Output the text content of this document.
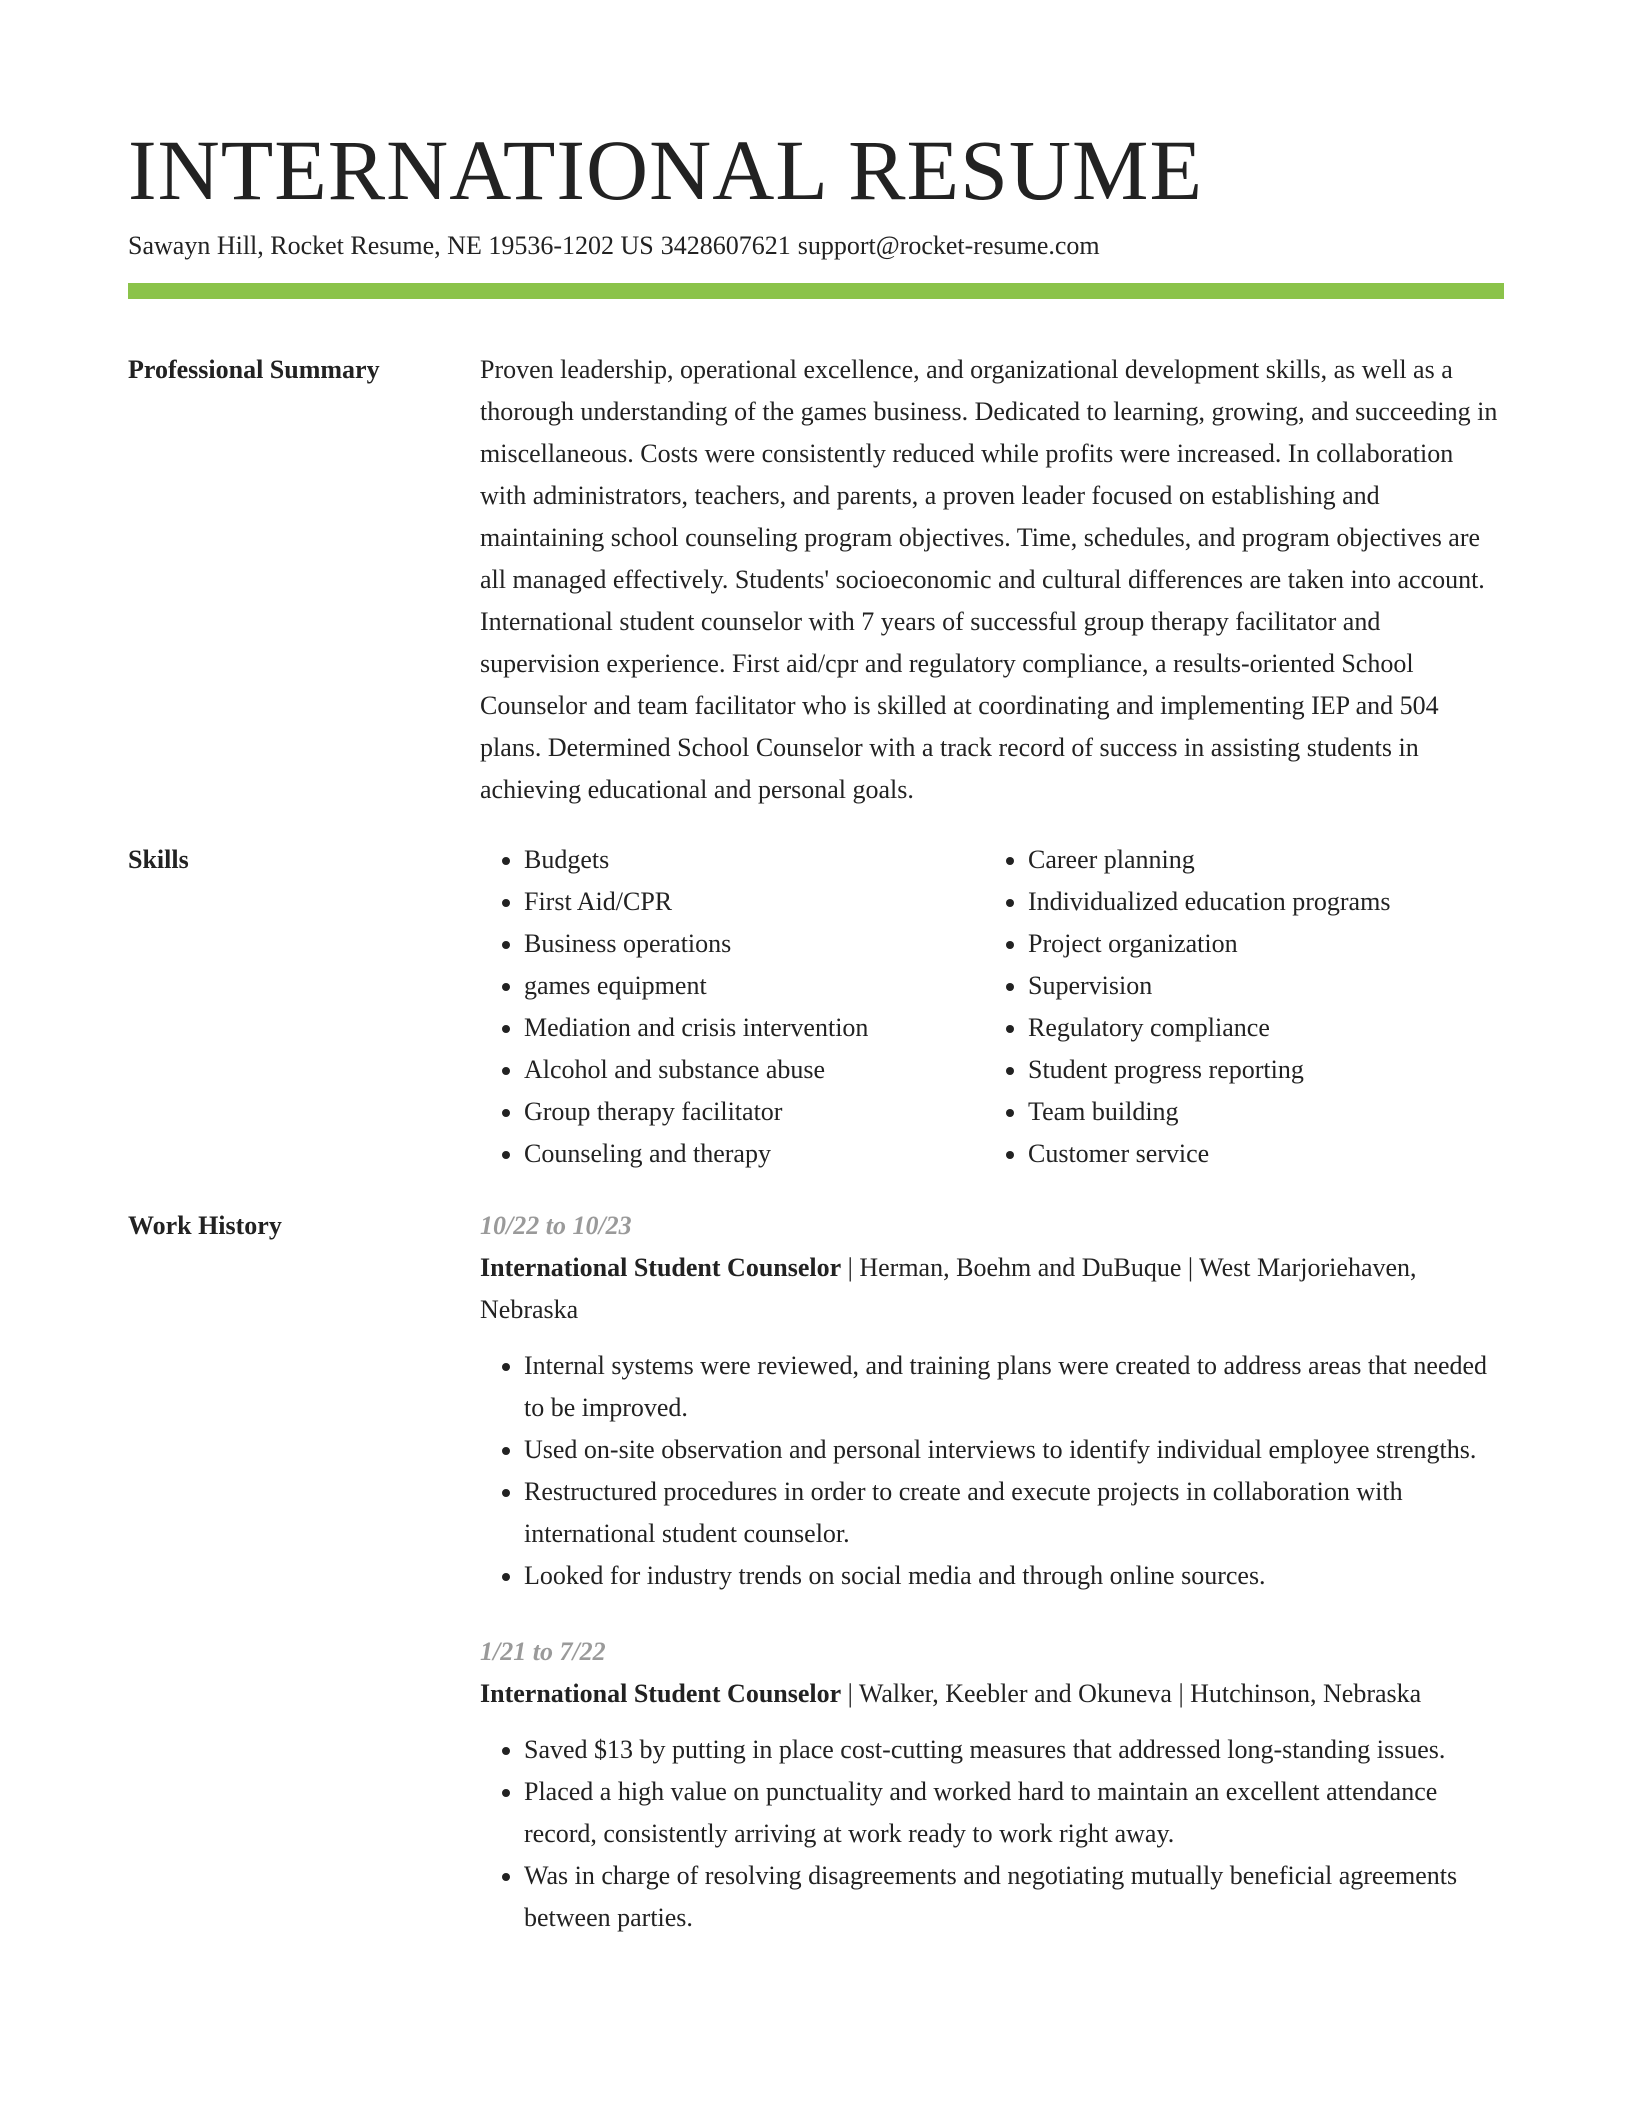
INTERNATIONAL RESUME
Sawayn Hill, Rocket Resume, NE 19536-1202 US 3428607621 support@rocket-resume.com
Professional Summary	Proven leadership, operational excellence, and organizational development skills, as well as a thorough understanding of the games business. Dedicated to learning, growing, and succeeding in miscellaneous. Costs were consistently reduced while profits were increased. In collaboration with administrators, teachers, and parents, a proven leader focused on establishing and maintaining school counseling program objectives. Time, schedules, and program objectives are all managed effectively. Students' socioeconomic and cultural differences are taken into account. International student counselor with 7 years of successful group therapy facilitator and supervision experience. First aid/cpr and regulatory compliance, a results-oriented School Counselor and team facilitator who is skilled at coordinating and implementing IEP and 504 plans. Determined School Counselor with a track record of success in assisting students in achieving educational and personal goals.

Skills
•	Budgets
• First Aid/CPR
• Business operations
• games equipment
• Mediation and crisis intervention
• Alcohol and substance abuse
• Group therapy facilitator
• Counseling and therapy
• Career planning
• Individualized education programs
• Project organization
• Supervision
• Regulatory compliance
• Student progress reporting
• Team building
• Customer service
Work History	10/22 to 10/23
International Student Counselor | Herman, Boehm and DuBuque | West Marjoriehaven, Nebraska
• Internal systems were reviewed, and training plans were created to address areas that needed to be improved.
• Used on-site observation and personal interviews to identify individual employee strengths.
• Restructured procedures in order to create and execute projects in collaboration with international student counselor.
• Looked for industry trends on social media and through online sources.
1/21 to 7/22
International Student Counselor | Walker, Keebler and Okuneva | Hutchinson, Nebraska
• Saved $13 by putting in place cost-cutting measures that addressed long-standing issues.
• Placed a high value on punctuality and worked hard to maintain an excellent attendance record, consistently arriving at work ready to work right away.
• Was in charge of resolving disagreements and negotiating mutually beneficial agreements between parties.
